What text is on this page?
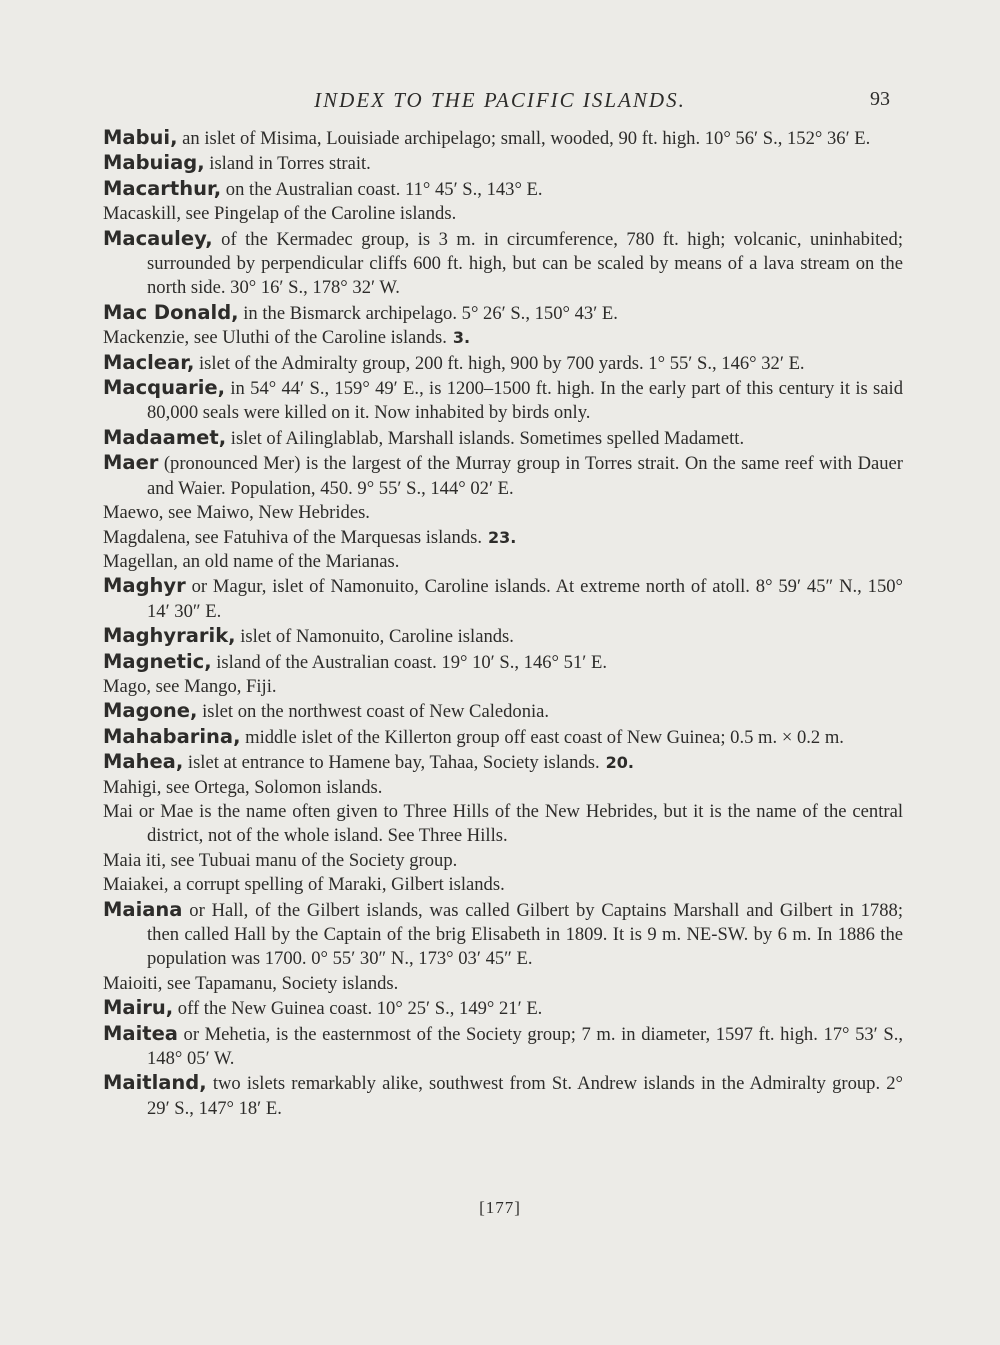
INDEX TO THE PACIFIC ISLANDS.	93

Mabui, an islet of Misima, Louisiade archipelago; small, wooded, 90 ft. high. 10° 56′ S., 152° 36′ E.

Mabuiag, island in Torres strait.

Macarthur, on the Australian coast. 11° 45′ S., 143° E.

Macaskill, see Pingelap of the Caroline islands.

Macauley, of the Kermadec group, is 3 m. in circumference, 780 ft. high; volcanic, uninhabited; surrounded by perpendicular cliffs 600 ft. high, but can be scaled by means of a lava stream on the north side. 30° 16′ S., 178° 32′ W.

Mac Donald, in the Bismarck archipelago. 5° 26′ S., 150° 43′ E.

Mackenzie, see Uluthi of the Caroline islands. 3.

Maclear, islet of the Admiralty group, 200 ft. high, 900 by 700 yards. 1° 55′ S., 146° 32′ E.

Macquarie, in 54° 44′ S., 159° 49′ E., is 1200–1500 ft. high. In the early part of this century it is said 80,000 seals were killed on it. Now inhabited by birds only.

Madaamet, islet of Ailinglablab, Marshall islands. Sometimes spelled Madamett.

Maer (pronounced Mer) is the largest of the Murray group in Torres strait. On the same reef with Dauer and Waier. Population, 450. 9° 55′ S., 144° 02′ E.

Maewo, see Maiwo, New Hebrides.

Magdalena, see Fatuhiva of the Marquesas islands. 23.

Magellan, an old name of the Marianas.

Maghyr or Magur, islet of Namonuito, Caroline islands. At extreme north of atoll. 8° 59′ 45″ N., 150° 14′ 30″ E.

Maghyrarik, islet of Namonuito, Caroline islands.

Magnetic, island of the Australian coast. 19° 10′ S., 146° 51′ E.

Mago, see Mango, Fiji.

Magone, islet on the northwest coast of New Caledonia.

Mahabarina, middle islet of the Killerton group off east coast of New Guinea; 0.5 m. × 0.2 m.

Mahea, islet at entrance to Hamene bay, Tahaa, Society islands. 20.

Mahigi, see Ortega, Solomon islands.

Mai or Mae is the name often given to Three Hills of the New Hebrides, but it is the name of the central district, not of the whole island. See Three Hills.

Maia iti, see Tubuai manu of the Society group.

Maiakei, a corrupt spelling of Maraki, Gilbert islands.

Maiana or Hall, of the Gilbert islands, was called Gilbert by Captains Marshall and Gilbert in 1788; then called Hall by the Captain of the brig Elisabeth in 1809. It is 9 m. NE-SW. by 6 m. In 1886 the population was 1700. 0° 55′ 30″ N., 173° 03′ 45″ E.

Maioiti, see Tapamanu, Society islands.

Mairu, off the New Guinea coast. 10° 25′ S., 149° 21′ E.

Maitea or Mehetia, is the easternmost of the Society group; 7 m. in diameter, 1597 ft. high. 17° 53′ S., 148° 05′ W.

Maitland, two islets remarkably alike, southwest from St. Andrew islands in the Admiralty group. 2° 29′ S., 147° 18′ E.

[177]
